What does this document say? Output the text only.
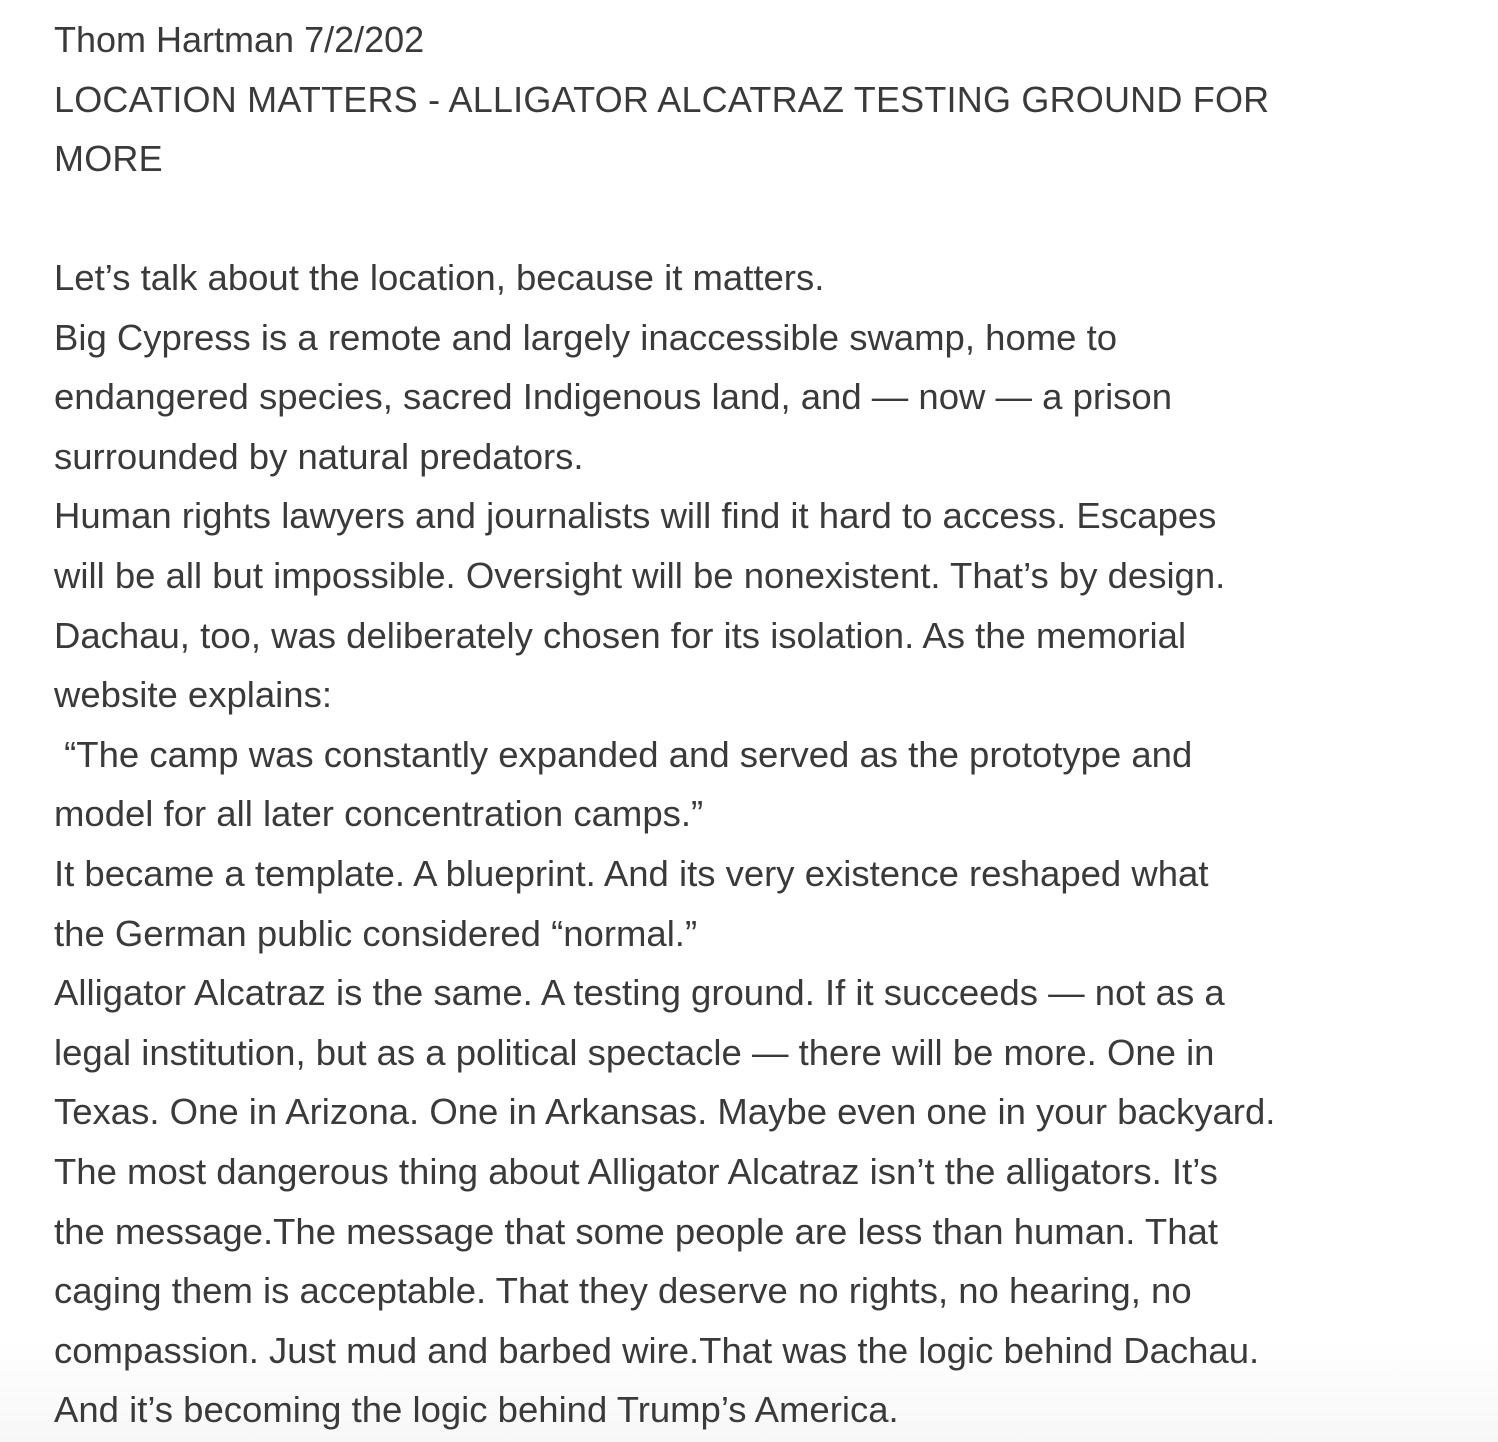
Thom Hartman 7/2/202

LOCATION MATTERS - ALLIGATOR ALCATRAZ TESTING GROUND FOR

MORE

Let’s talk about the location, because it matters.

Big Cypress is a remote and largely inaccessible swamp, home to

endangered species, sacred Indigenous land, and — now — a prison

surrounded by natural predators.

Human rights lawyers and journalists will find it hard to access. Escapes

will be all but impossible. Oversight will be nonexistent. That’s by design.

Dachau, too, was deliberately chosen for its isolation. As the memorial

website explains:

“The camp was constantly expanded and served as the prototype and

model for all later concentration camps.”

It became a template. A blueprint. And its very existence reshaped what

the German public considered “normal.”

Alligator Alcatraz is the same. A testing ground. If it succeeds — not as a

legal institution, but as a political spectacle — there will be more. One in

Texas. One in Arizona. One in Arkansas. Maybe even one in your backyard.

The most dangerous thing about Alligator Alcatraz isn’t the alligators. It’s

the message.The message that some people are less than human. That

caging them is acceptable. That they deserve no rights, no hearing, no

compassion. Just mud and barbed wire.That was the logic behind Dachau.

And it’s becoming the logic behind Trump’s America.
